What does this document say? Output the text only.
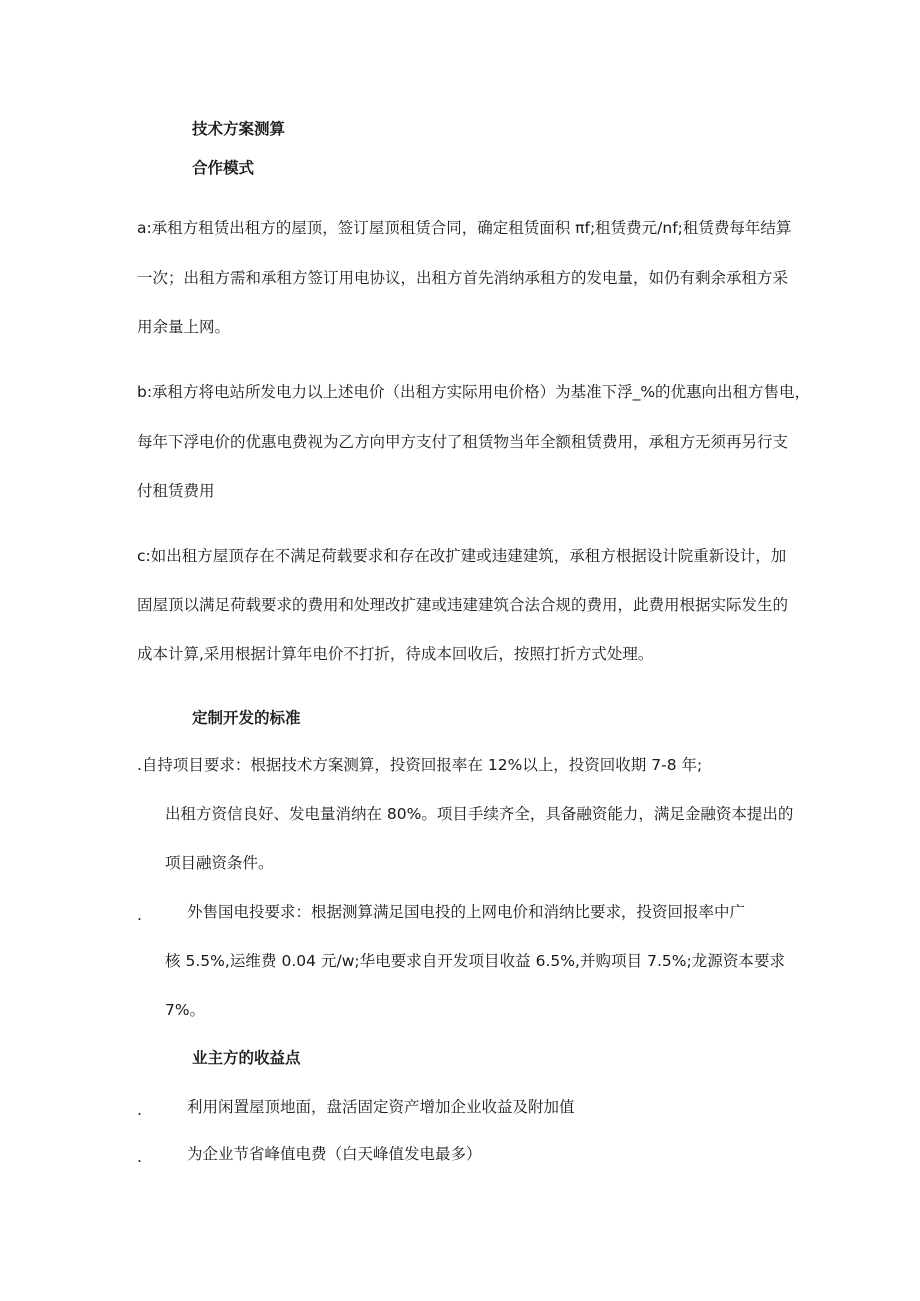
技术方案测算
合作模式
a:承租方租赁出租方的屋顶，签订屋顶租赁合同，确定租赁面积 πf;租赁费元∕nf;租赁费每年结算
一次；出租方需和承租方签订用电协议，出租方首先消纳承租方的发电量，如仍有剩余承租方采
用余量上网。
b:承租方将电站所发电力以上述电价（出租方实际用电价格）为基准下浮_%的优惠向出租方售电，
每年下浮电价的优惠电费视为乙方向甲方支付了租赁物当年全额租赁费用，承租方无须再另行支
付租赁费用
c:如出租方屋顶存在不满足荷载要求和存在改扩建或违建建筑，承租方根据设计院重新设计，加
固屋顶以满足荷载要求的费用和处理改扩建或违建建筑合法合规的费用，此费用根据实际发生的
成本计算,采用根据计算年电价不打折，待成本回收后，按照打折方式处理。
定制开发的标准
.自持项目要求：根据技术方案测算，投资回报率在 12%以上，投资回收期 7-8 年;
出租方资信良好、发电量消纳在 80%。项目手续齐全，具备融资能力，满足金融资本提出的
项目融资条件。
.	外售国电投要求：根据测算满足国电投的上网电价和消纳比要求，投资回报率中广
核 5.5%,运维费 0.04 元∕w;华电要求自开发项目收益 6.5%,并购项目 7.5%;龙源资本要求
7%。
业主方的收益点
.	利用闲置屋顶地面，盘活固定资产增加企业收益及附加值
.	为企业节省峰值电费（白天峰值发电最多）
